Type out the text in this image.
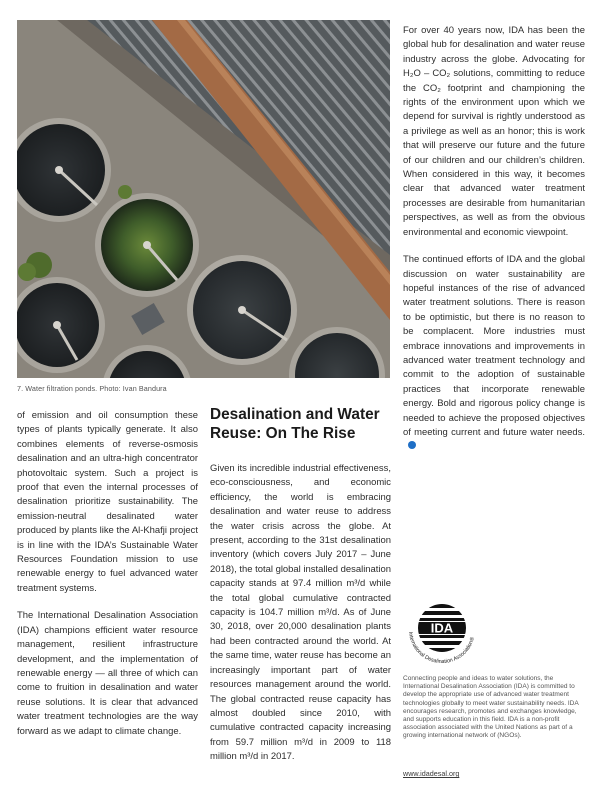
7. Water filtration ponds. Photo: Ivan Bandura

of emission and oil consumption these types of plants typically generate. It also combines elements of reverse-osmosis desalination and an ultra-high concentrator photovoltaic system. Such a project is proof that even the internal processes of desalination prioritize sustainability. The emission-neutral desalinated water produced by plants like the Al-Khafji project is in line with the IDA’s Sustainable Water Resources Foundation mission to use renewable energy to fuel advanced water treatment systems.

The International Desalination Association (IDA) champions efficient water resource management, resilient infrastructure development, and the implementation of renewable energy — all three of which can come to fruition in desalination and water reuse solutions. It is clear that advanced water treatment technologies are the way forward as we adapt to climate change.

Desalination and Water Reuse: On The Rise

Given its incredible industrial effectiveness, eco-consciousness, and economic efficiency, the world is embracing desalination and water reuse to address the water crisis across the globe. At present, according to the 31st desalination inventory (which covers July 2017 – June 2018), the total global installed desalination capacity stands at 97.4 million m³/d while the total global cumulative contracted capacity is 104.7 million m³/d. As of June 30, 2018, over 20,000 desalination plants had been contracted around the world. At the same time, water reuse has become an increasingly important part of water resources management around the world. The global contracted reuse capacity has almost doubled since 2010, with cumulative contracted capacity increasing from 59.7 million m³/d in 2009 to 118 million m³/d in 2017.

For over 40 years now, IDA has been the global hub for desalination and water reuse industry across the globe. Advocating for H₂O – CO₂ solutions, committing to reduce the CO₂ footprint and championing the rights of the environment upon which we depend for survival is rightly understood as a privilege as well as an honor; this is work that will preserve our future and the future of our children and our children’s children. When considered in this way, it becomes clear that advanced water treatment processes are desirable from humanitarian perspectives, as well as from the obvious environmental and economic viewpoint.

The continued efforts of IDA and the global discussion on water sustainability are hopeful instances of the rise of advanced water treatment solutions. There is reason to be optimistic, but there is no reason to be complacent. More industries must embrace innovations and improvements in advanced water treatment technology and commit to the adoption of sustainable practices that incorporate renewable energy. Bold and rigorous policy change is needed to achieve the proposed objectives of meeting current and future water needs.

IDA
International Desalination Association®
Connecting people and ideas to water solutions, the International Desalination Association (IDA) is committed to develop the appropriate use of advanced water treatment technologies globally to meet water sustainability needs. IDA encourages research, promotes and exchanges knowledge, and supports education in this field. IDA is a non-profit association associated with the United Nations as part of a growing international network of (NGOs).
www.idadesal.org
